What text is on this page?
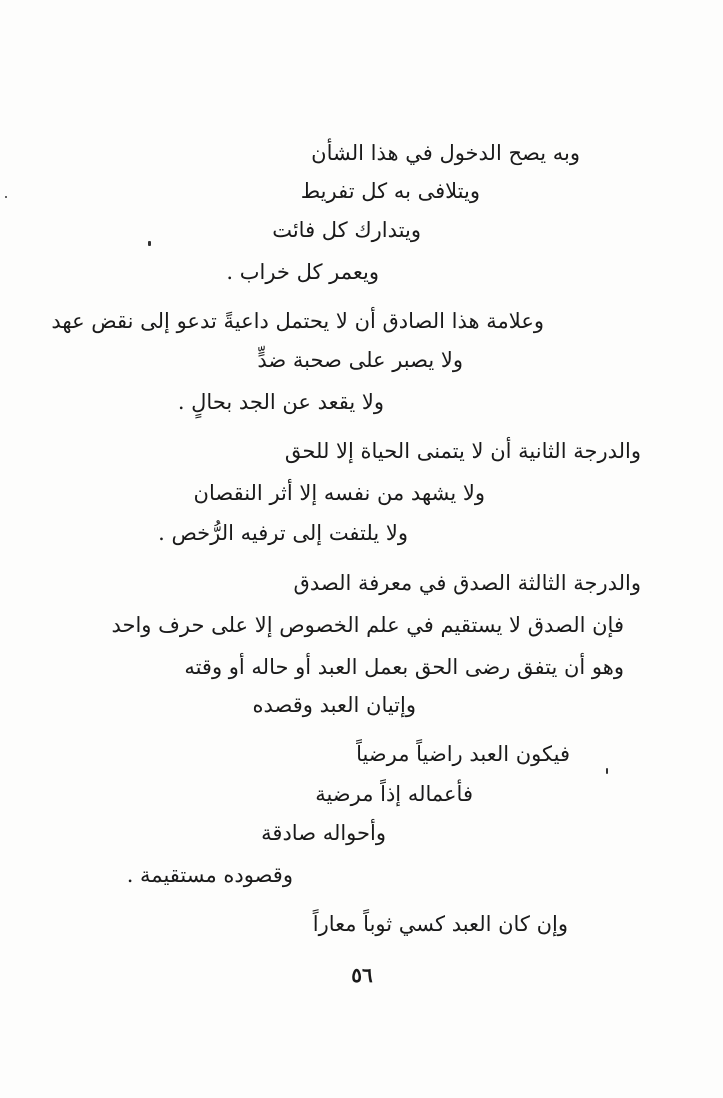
وبه يصح الدخول في هذا الشأن
ويتلافى به كل تفريط
ويتدارك كل فائت
ويعمر كل خراب .
وعلامة هذا الصادق أن لا يحتمل داعيةً تدعو إلى نقض عهد
ولا يصبر على صحبة ضدٍّ
ولا يقعد عن الجد بحالٍ .
والدرجة الثانية أن لا يتمنى الحياة إلا للحق
ولا يشهد من نفسه إلا أثر النقصان
ولا يلتفت إلى ترفيه الرُّخص .
والدرجة الثالثة الصدق في معرفة الصدق
فإن الصدق لا يستقيم في علم الخصوص إلا على حرف واحد
وهو أن يتفق رضى الحق بعمل العبد أو حاله أو وقته
وإتيان العبد وقصده
فيكون العبد راضياً مرضياً
فأعماله إذاً مرضية
وأحواله صادقة
وقصوده مستقيمة .
وإن كان العبد كسي ثوباً معاراً
٥٦
